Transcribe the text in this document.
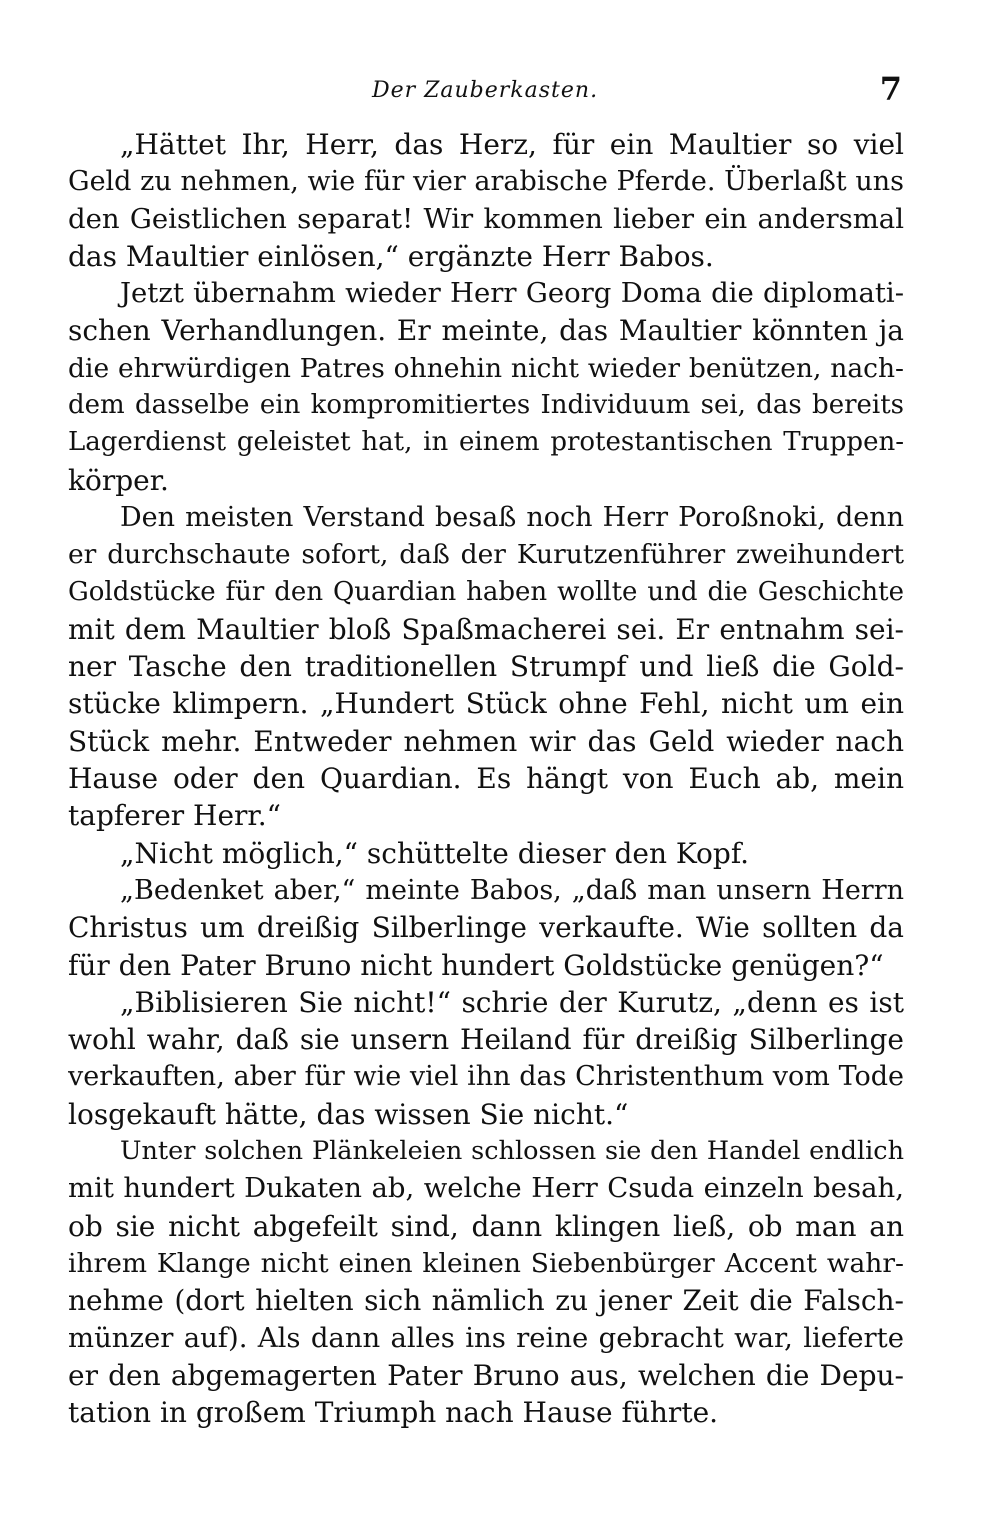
Der Zauberkasten.	7
„Hättet Ihr, Herr, das Herz, für ein Maultier so viel
Geld zu nehmen, wie für vier arabische Pferde. Überlaßt uns
den Geistlichen separat! Wir kommen lieber ein andersmal
das Maultier einlösen,“ ergänzte Herr Babos.
Jetzt übernahm wieder Herr Georg Doma die diplomati-
schen Verhandlungen. Er meinte, das Maultier könnten ja
die ehrwürdigen Patres ohnehin nicht wieder benützen, nach-
dem dasselbe ein kompromitiertes Individuum sei, das bereits
Lagerdienst geleistet hat, in einem protestantischen Truppen-
körper.
Den meisten Verstand besaß noch Herr Poroßnoki, denn
er durchschaute sofort, daß der Kurutzenführer zweihundert
Goldstücke für den Quardian haben wollte und die Geschichte
mit dem Maultier bloß Spaßmacherei sei. Er entnahm sei-
ner Tasche den traditionellen Strumpf und ließ die Gold-
stücke klimpern. „Hundert Stück ohne Fehl, nicht um ein
Stück mehr. Entweder nehmen wir das Geld wieder nach
Hause oder den Quardian. Es hängt von Euch ab, mein
tapferer Herr.“
„Nicht möglich,“ schüttelte dieser den Kopf.
„Bedenket aber,“ meinte Babos, „daß man unsern Herrn
Christus um dreißig Silberlinge verkaufte. Wie sollten da
für den Pater Bruno nicht hundert Goldstücke genügen?“
„Biblisieren Sie nicht!“ schrie der Kurutz, „denn es ist
wohl wahr, daß sie unsern Heiland für dreißig Silberlinge
verkauften, aber für wie viel ihn das Christenthum vom Tode
losgekauft hätte, das wissen Sie nicht.“
Unter solchen Plänkeleien schlossen sie den Handel endlich
mit hundert Dukaten ab, welche Herr Csuda einzeln besah,
ob sie nicht abgefeilt sind, dann klingen ließ, ob man an
ihrem Klange nicht einen kleinen Siebenbürger Accent wahr-
nehme (dort hielten sich nämlich zu jener Zeit die Falsch-
münzer auf). Als dann alles ins reine gebracht war, lieferte
er den abgemagerten Pater Bruno aus, welchen die Depu-
tation in großem Triumph nach Hause führte.
